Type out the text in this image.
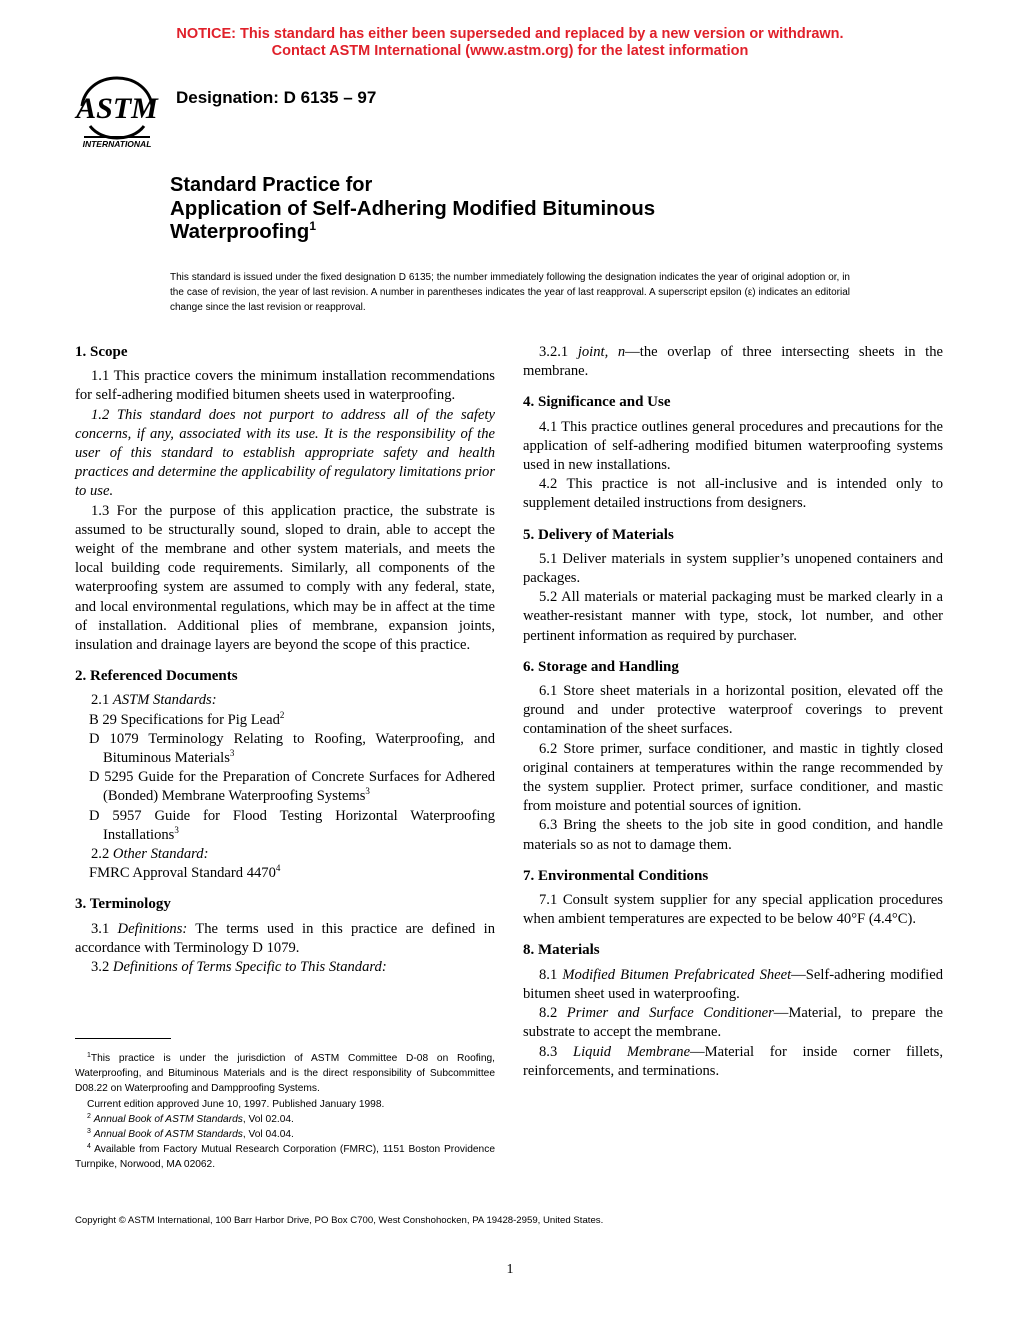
NOTICE: This standard has either been superseded and replaced by a new version or withdrawn.
Contact ASTM International (www.astm.org) for the latest information
ASTM
INTERNATIONAL
Designation: D 6135 – 97
Standard Practice for
Application of Self-Adhering Modified Bituminous
Waterproofing$^1$
This standard is issued under the fixed designation D 6135; the number immediately following the designation indicates the year of original adoption or, in the case of revision, the year of last revision. A number in parentheses indicates the year of last reapproval. A superscript epsilon (ε) indicates an editorial change since the last revision or reapproval.
1. Scope

1.1 This practice covers the minimum installation recommendations for self-adhering modified bitumen sheets used in waterproofing.

1.2 This standard does not purport to address all of the safety concerns, if any, associated with its use. It is the responsibility of the user of this standard to establish appropriate safety and health practices and determine the applicability of regulatory limitations prior to use.

1.3 For the purpose of this application practice, the substrate is assumed to be structurally sound, sloped to drain, able to accept the weight of the membrane and other system materials, and meets the local building code requirements. Similarly, all components of the waterproofing system are assumed to comply with any federal, state, and local environmental regulations, which may be in affect at the time of installation. Additional plies of membrane, expansion joints, insulation and drainage layers are beyond the scope of this practice.

2. Referenced Documents

2.1 ASTM Standards:

B 29 Specifications for Pig Lead$^2$

D 1079 Terminology Relating to Roofing, Waterproofing, and Bituminous Materials$^3$

D 5295 Guide for the Preparation of Concrete Surfaces for Adhered (Bonded) Membrane Waterproofing Systems$^3$

D 5957 Guide for Flood Testing Horizontal Waterproofing Installations$^3$

2.2 Other Standard:

FMRC Approval Standard 4470$^4$

3. Terminology

3.1 Definitions: The terms used in this practice are defined in accordance with Terminology D 1079.

3.2 Definitions of Terms Specific to This Standard:

3.2.1 joint, n—the overlap of three intersecting sheets in the membrane.

4. Significance and Use

4.1 This practice outlines general procedures and precautions for the application of self-adhering modified bitumen waterproofing systems used in new installations.

4.2 This practice is not all-inclusive and is intended only to supplement detailed instructions from designers.

5. Delivery of Materials

5.1 Deliver materials in system supplier’s unopened containers and packages.

5.2 All materials or material packaging must be marked clearly in a weather-resistant manner with type, stock, lot number, and other pertinent information as required by purchaser.

6. Storage and Handling

6.1 Store sheet materials in a horizontal position, elevated off the ground and under protective waterproof coverings to prevent contamination of the sheet surfaces.

6.2 Store primer, surface conditioner, and mastic in tightly closed original containers at temperatures within the range recommended by the system supplier. Protect primer, surface conditioner, and mastic from moisture and potential sources of ignition.

6.3 Bring the sheets to the job site in good condition, and handle materials so as not to damage them.

7. Environmental Conditions

7.1 Consult system supplier for any special application procedures when ambient temperatures are expected to be below 40°F (4.4°C).

8. Materials

8.1 Modified Bitumen Prefabricated Sheet—Self-adhering modified bitumen sheet used in waterproofing.

8.2 Primer and Surface Conditioner—Material, to prepare the substrate to accept the membrane.

8.3 Liquid Membrane—Material for inside corner fillets, reinforcements, and terminations.

$^1$This practice is under the jurisdiction of ASTM Committee D-08 on Roofing, Waterproofing, and Bituminous Materials and is the direct responsibility of Subcommittee D08.22 on Waterproofing and Dampproofing Systems.

Current edition approved June 10, 1997. Published January 1998.

$^2$ Annual Book of ASTM Standards, Vol 02.04.

$^3$ Annual Book of ASTM Standards, Vol 04.04.

$^4$ Available from Factory Mutual Research Corporation (FMRC), 1151 Boston Providence Turnpike, Norwood, MA 02062.

Copyright © ASTM International, 100 Barr Harbor Drive, PO Box C700, West Conshohocken, PA 19428-2959, United States.
1
